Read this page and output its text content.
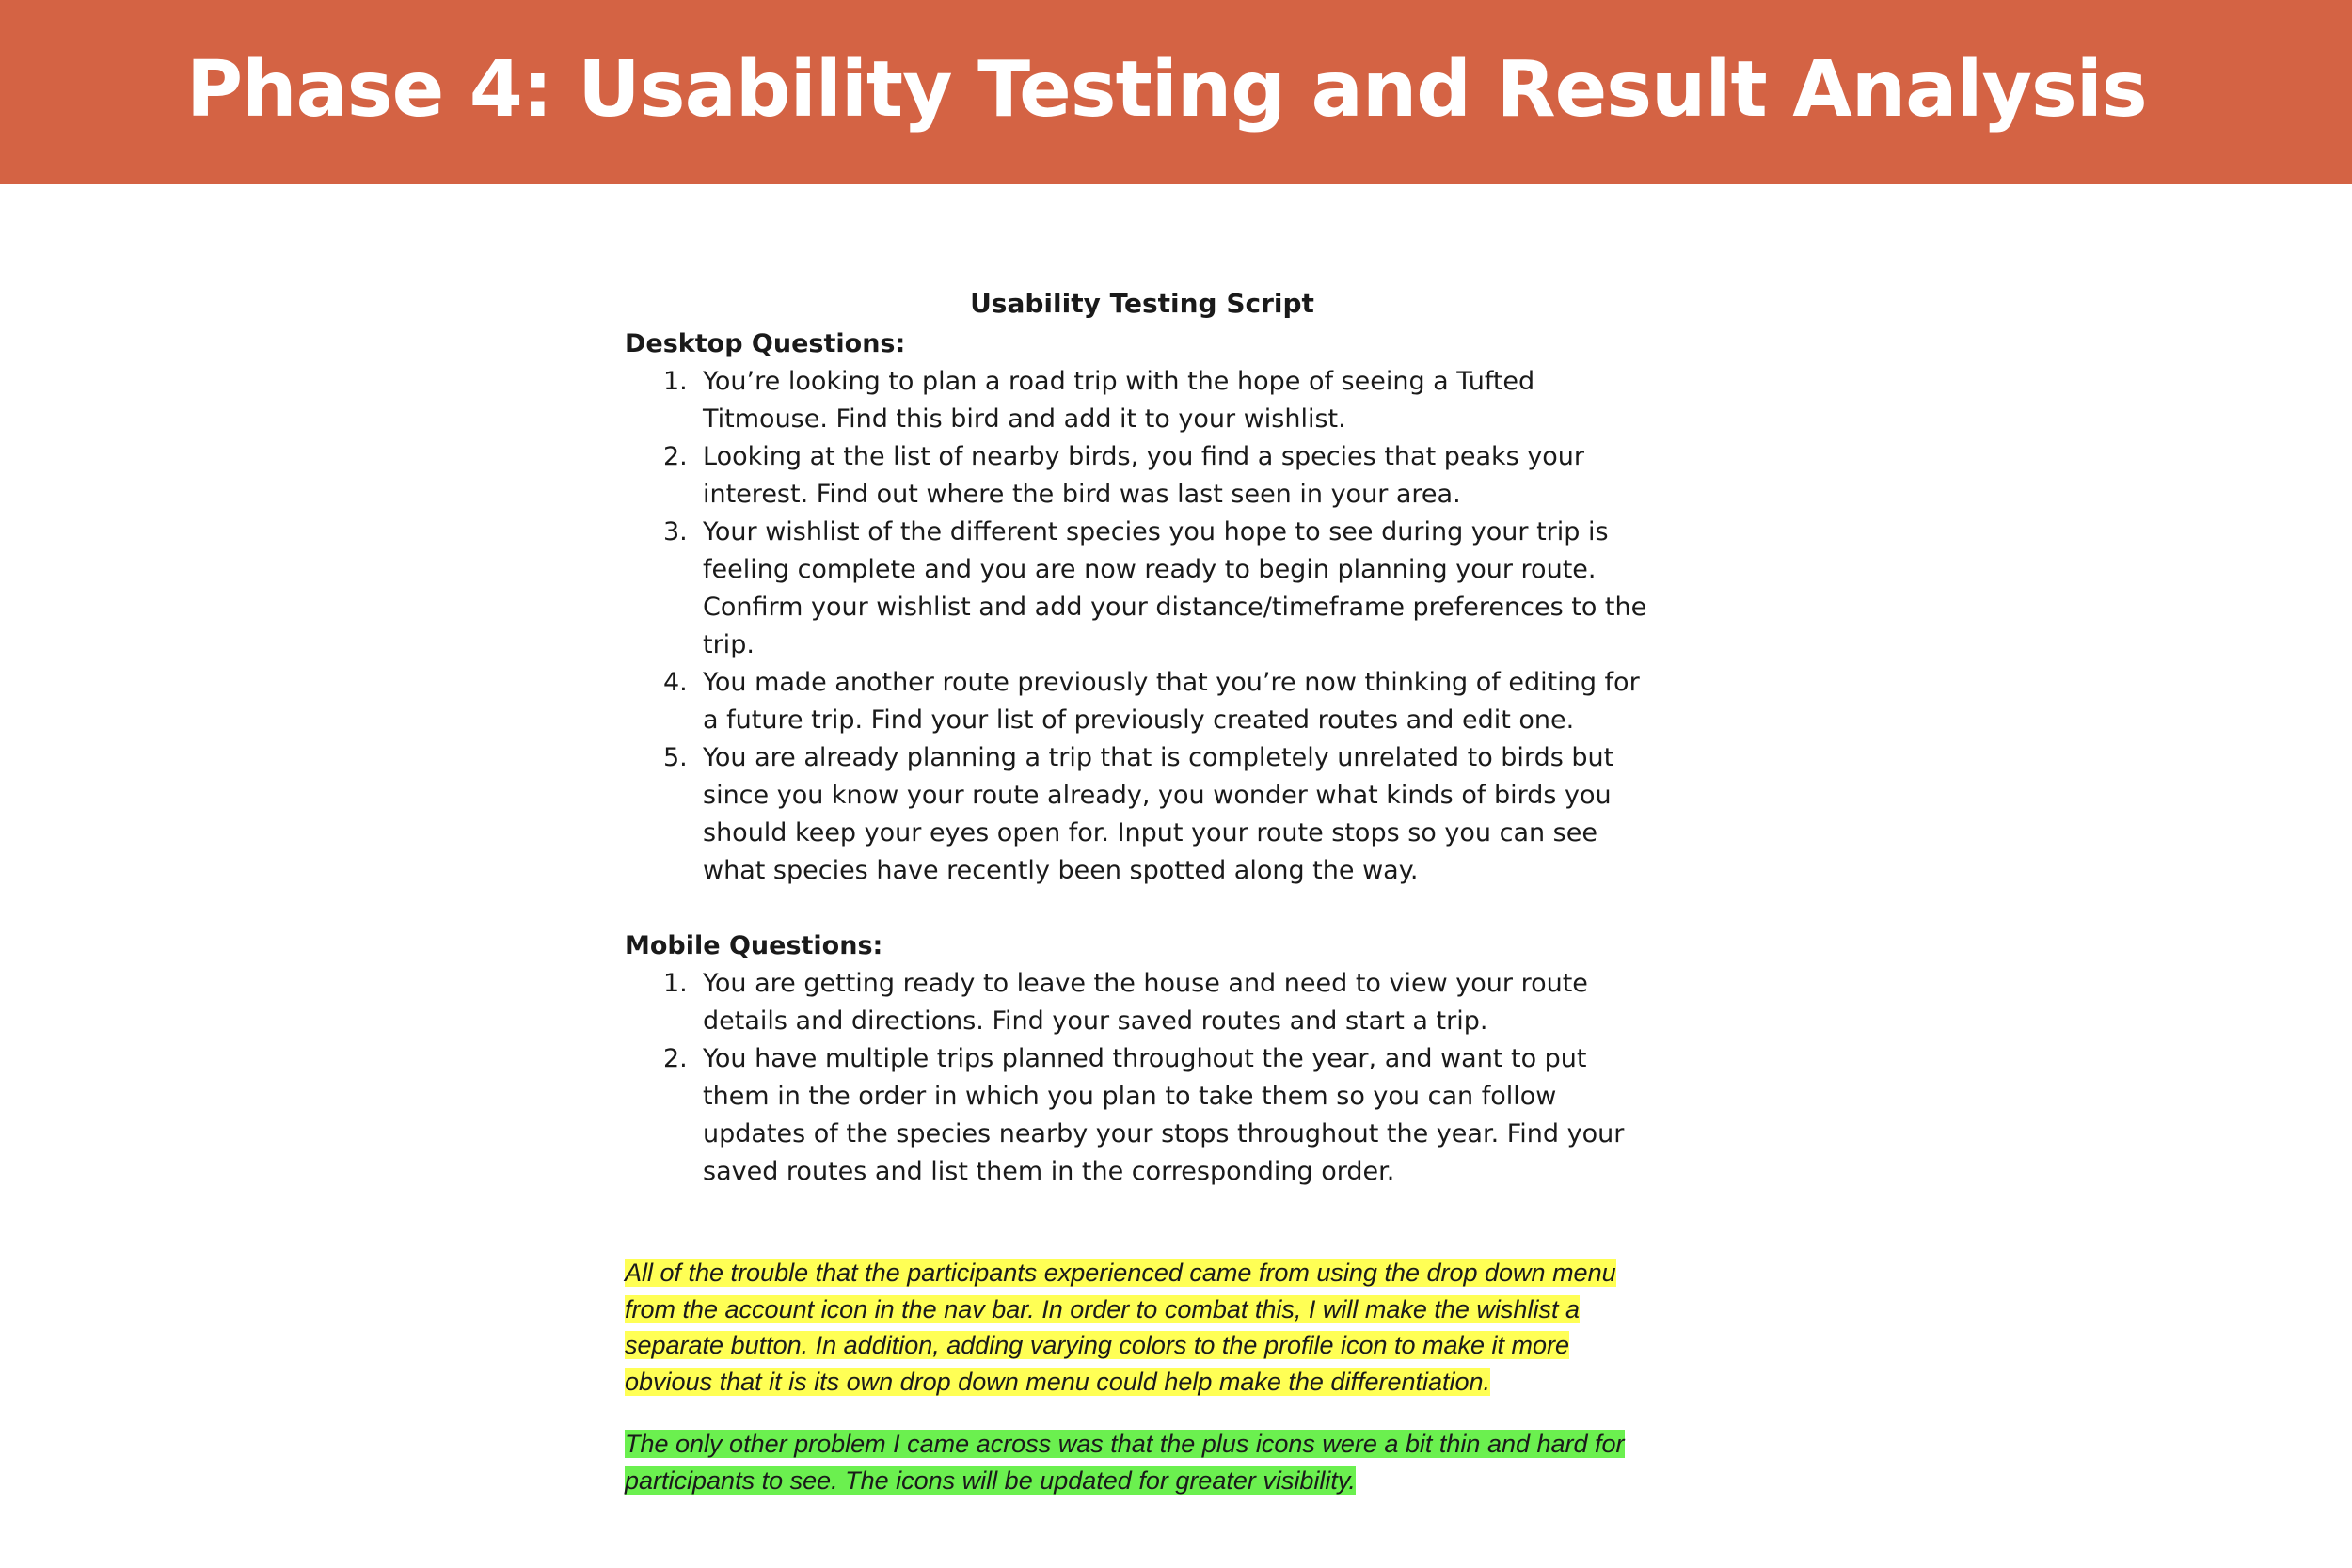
Phase 4: Usability Testing and Result Analysis

Usability Testing Script

Desktop Questions:

1. You’re looking to plan a road trip with the hope of seeing a Tufted Titmouse. Find this bird and add it to your wishlist.
2. Looking at the list of nearby birds, you find a species that peaks your interest. Find out where the bird was last seen in your area.
3. Your wishlist of the different species you hope to see during your trip is feeling complete and you are now ready to begin planning your route. Confirm your wishlist and add your distance/timeframe preferences to the trip.
4. You made another route previously that you’re now thinking of editing for a future trip. Find your list of previously created routes and edit one.
5. You are already planning a trip that is completely unrelated to birds but since you know your route already, you wonder what kinds of birds you should keep your eyes open for. Input your route stops so you can see what species have recently been spotted along the way.

Mobile Questions:

1. You are getting ready to leave the house and need to view your route details and directions. Find your saved routes and start a trip.
2. You have multiple trips planned throughout the year, and want to put them in the order in which you plan to take them so you can follow updates of the species nearby your stops throughout the year. Find your saved routes and list them in the corresponding order.

All of the trouble that the participants experienced came from using the drop down menu from the account icon in the nav bar. In order to combat this, I will make the wishlist a separate button. In addition, adding varying colors to the profile icon to make it more obvious that it is its own drop down menu could help make the differentiation.

The only other problem I came across was that the plus icons were a bit thin and hard for participants to see. The icons will be updated for greater visibility.
